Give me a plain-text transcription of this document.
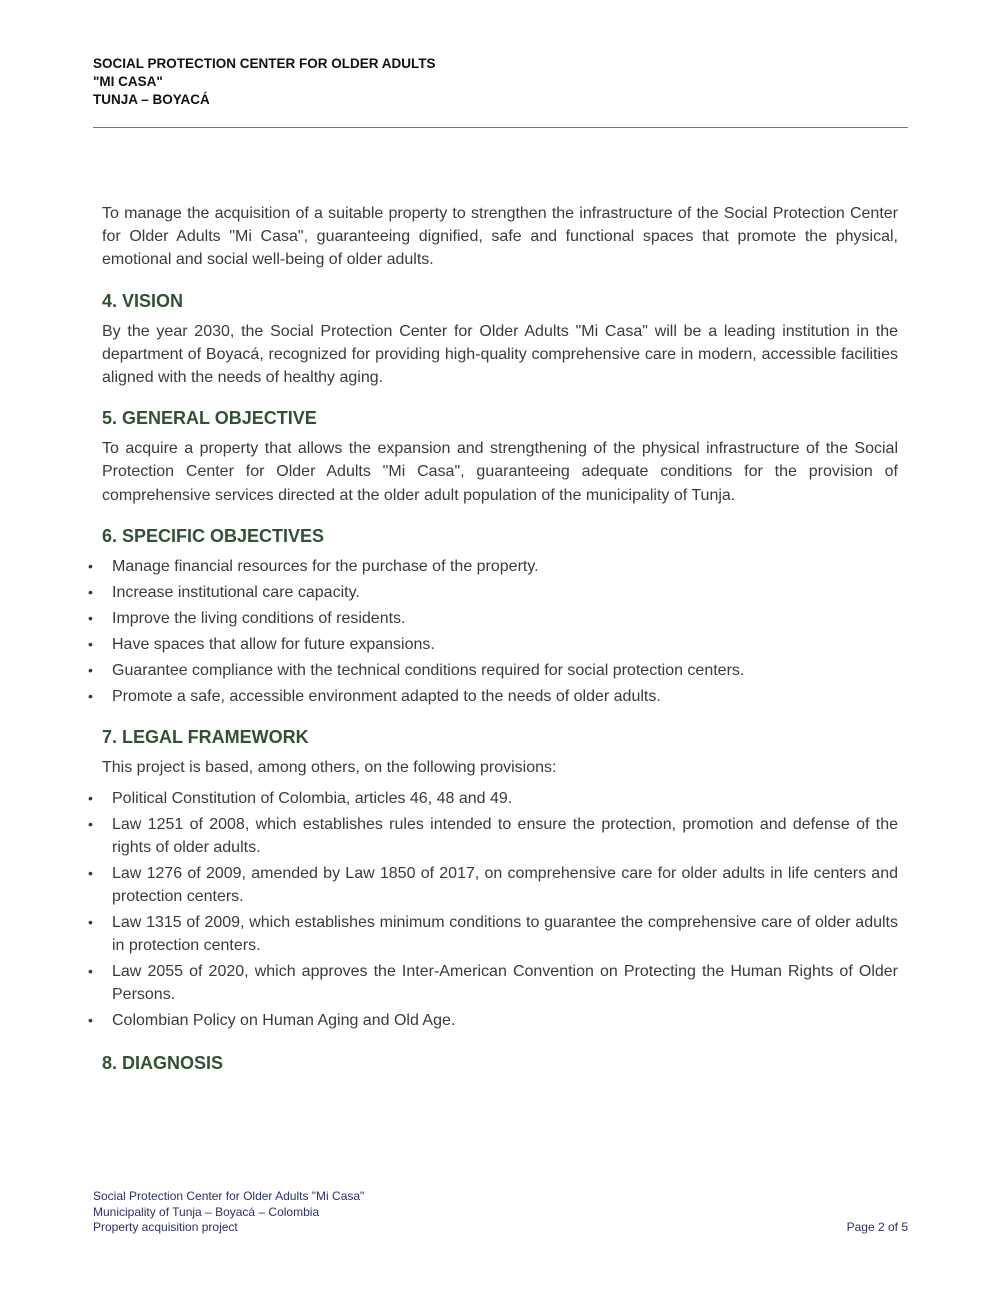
SOCIAL PROTECTION CENTER FOR OLDER ADULTS
"MI CASA"
TUNJA – BOYACÁ

To manage the acquisition of a suitable property to strengthen the infrastructure of the Social Protection Center for Older Adults "Mi Casa", guaranteeing dignified, safe and functional spaces that promote the physical, emotional and social well-being of older adults.

4. VISION

By the year 2030, the Social Protection Center for Older Adults "Mi Casa" will be a leading institution in the department of Boyacá, recognized for providing high-quality comprehensive care in modern, accessible facilities aligned with the needs of healthy aging.

5. GENERAL OBJECTIVE

To acquire a property that allows the expansion and strengthening of the physical infrastructure of the Social Protection Center for Older Adults "Mi Casa", guaranteeing adequate conditions for the provision of comprehensive services directed at the older adult population of the municipality of Tunja.

6. SPECIFIC OBJECTIVES
•	Manage financial resources for the purchase of the property.
•	Increase institutional care capacity.
•	Improve the living conditions of residents.
•	Have spaces that allow for future expansions.
•	Guarantee compliance with the technical conditions required for social protection centers.
•	Promote a safe, accessible environment adapted to the needs of older adults.
7. LEGAL FRAMEWORK

This project is based, among others, on the following provisions:

•	Political Constitution of Colombia, articles 46, 48 and 49.
•	Law 1251 of 2008, which establishes rules intended to ensure the protection, promotion and defense of the rights of older adults.
•	Law 1276 of 2009, amended by Law 1850 of 2017, on comprehensive care for older adults in life centers and protection centers.
•	Law 1315 of 2009, which establishes minimum conditions to guarantee the comprehensive care of older adults in protection centers.
•	Law 2055 of 2020, which approves the Inter-American Convention on Protecting the Human Rights of Older Persons.
•	Colombian Policy on Human Aging and Old Age.
8. DIAGNOSIS
Social Protection Center for Older Adults "Mi Casa"
Municipality of Tunja – Boyacá – Colombia
Property acquisition project	Page 2 of 5
